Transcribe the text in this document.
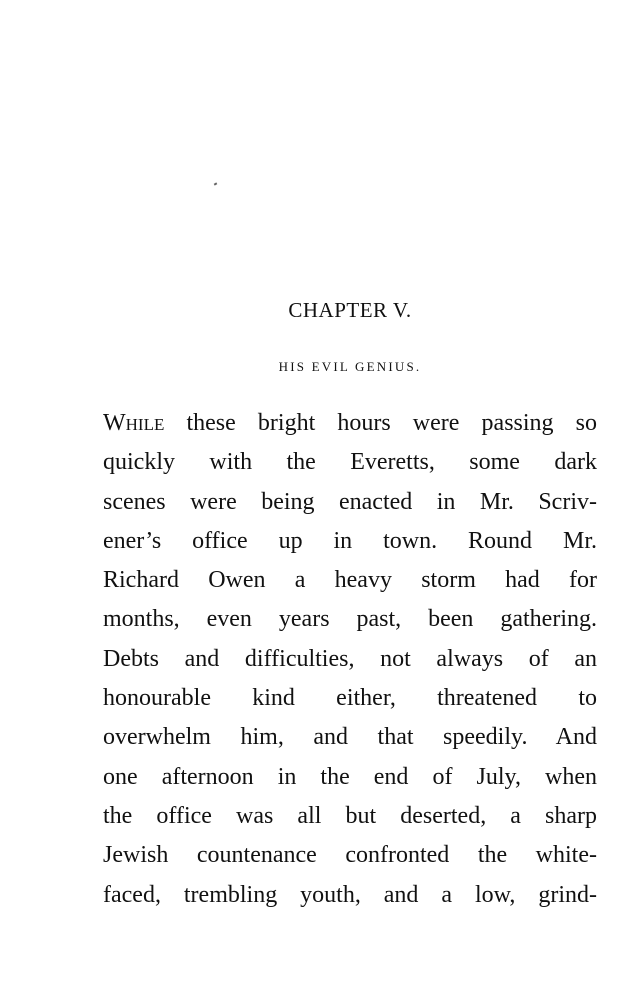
CHAPTER V.
HIS EVIL GENIUS.
While these bright hours were passing so
quickly with the Everetts, some dark
scenes were being enacted in Mr. Scriv-
ener’s office up in town. Round Mr.
Richard Owen a heavy storm had for
months, even years past, been gathering.
Debts and difficulties, not always of an
honourable kind either, threatened to
overwhelm him, and that speedily. And
one afternoon in the end of July, when
the office was all but deserted, a sharp
Jewish countenance confronted the white-
faced, trembling youth, and a low, grind-
